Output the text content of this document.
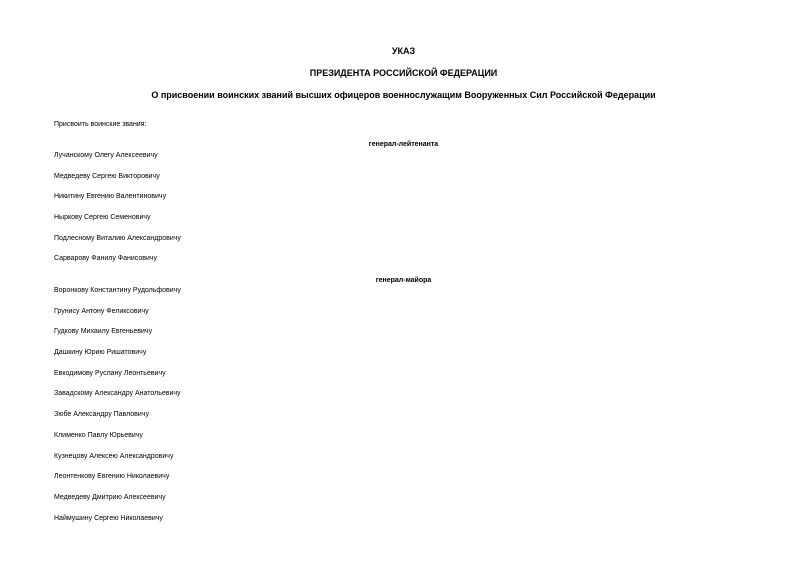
УКАЗ
ПРЕЗИДЕНТА РОССИЙСКОЙ ФЕДЕРАЦИИ
О присвоении воинских званий высших офицеров военнослужащим Вооруженных Сил Российской Федерации
Присвоить воинские звания:
генерал-лейтенанта
Лучанскому Олегу Алексеевичу
Медведеву Сергею Викторовичу
Никитину Евгению Валентиновичу
Ныркову Сергею Семеновичу
Подлесному Виталию Александровичу
Сарварову Фанилу Фанисовичу
генерал-майора
Воронкову Константину Рудольфовичу
Грунису Антону Феликсовичу
Гудкову Михаилу Евгеньевичу
Дашкину Юрию Ришатовичу
Евкодимову Руслану Леонтьевичу
Завадскому Александру Анатольевичу
Зюбе Александру Павловичу
Клименко Павлу Юрьевичу
Кузнецову Алексею Александровичу
Леонтенкову Евгению Николаевичу
Медведеву Дмитрию Алексеевичу
Наймушину Сергею Николаевичу
